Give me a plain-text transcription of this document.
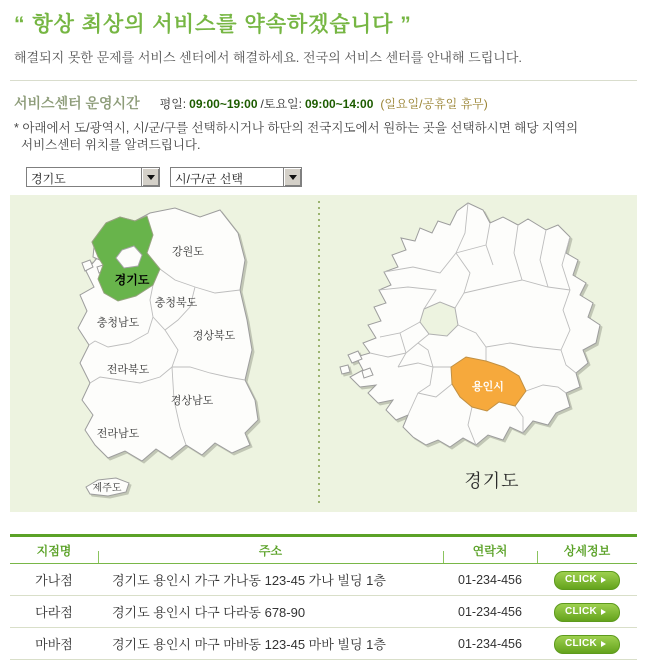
“ 항상 최상의 서비스를 약속하겠습니다 ”
해결되지 못한 문제를 서비스 센터에서 해결하세요. 전국의 서비스 센터를 안내해 드립니다.
서비스센터 운영시간 평일: 09:00~19:00 /토요일: 09:00~14:00 (일요일/공휴일 휴무)
* 아래에서 도/광역시, 시/군/구를 선택하시거나 하단의 전국지도에서 원하는 곳을 선택하시면 해당 지역의
서비스센터 위치를 알려드립니다.
경기도	시/구/군 선택
경기도
강원도
충청북도
충청남도
경상북도
전라북도
경상남도
전라남도
제주도
용인시
경기도
지점명	주소	연락처	상세정보
가나점	경기도 용인시 가구 가나동 123-45 가나 빌딩 1층	01-234-456	CLICK
다라점	경기도 용인시 다구 다라동 678-90	01-234-456	CLICK
마바점	경기도 용인시 마구 마바동 123-45 마바 빌딩 1층	01-234-456	CLICK
